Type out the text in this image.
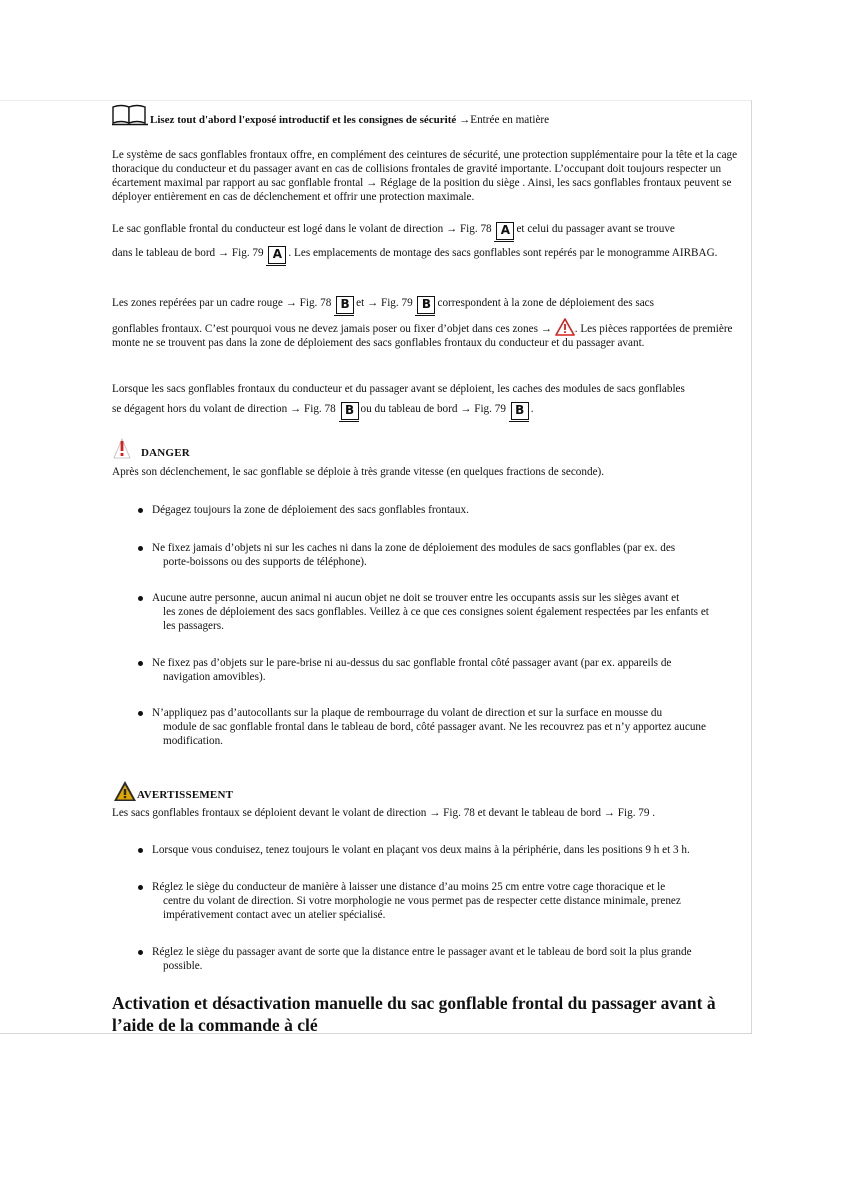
Lisez tout d'abord l'exposé introductif et les consignes de sécurité →Entrée en matière
Le système de sacs gonflables frontaux offre, en complément des ceintures de sécurité, une protection supplémentaire pour la tête et la cage thoracique du conducteur et du passager avant en cas de collisions frontales de gravité importante. L’occupant doit toujours respecter un écartement maximal par rapport au sac gonflable frontal → Réglage de la position du siège . Ainsi, les sacs gonflables frontaux peuvent se déployer entièrement en cas de déclenchement et offrir une protection maximale.
Le sac gonflable frontal du conducteur est logé dans le volant de direction → Fig. 78 A et celui du passager avant se trouve
dans le tableau de bord → Fig. 79 A . Les emplacements de montage des sacs gonflables sont repérés par le monogramme AIRBAG.
Les zones repérées par un cadre rouge → Fig. 78 B et → Fig. 79 B correspondent à la zone de déploiement des sacs
gonflables frontaux. C’est pourquoi vous ne devez jamais poser ou fixer d’objet dans ces zones → . Les pièces rapportées de première monte ne se trouvent pas dans la zone de déploiement des sacs gonflables frontaux du conducteur et du passager avant.
Lorsque les sacs gonflables frontaux du conducteur et du passager avant se déploient, les caches des modules de sacs gonflables
se dégagent hors du volant de direction → Fig. 78 B ou du tableau de bord → Fig. 79 B .
DANGER
Après son déclenchement, le sac gonflable se déploie à très grande vitesse (en quelques fractions de seconde).
Dégagez toujours la zone de déploiement des sacs gonflables frontaux.
Ne fixez jamais d’objets ni sur les caches ni dans la zone de déploiement des modules de sacs gonflables (par ex. des
porte-boissons ou des supports de téléphone).
Aucune autre personne, aucun animal ni aucun objet ne doit se trouver entre les occupants assis sur les sièges avant et
les zones de déploiement des sacs gonflables. Veillez à ce que ces consignes soient également respectées par les enfants et les passagers.
Ne fixez pas d’objets sur le pare-brise ni au-dessus du sac gonflable frontal côté passager avant (par ex. appareils de
navigation amovibles).
N’appliquez pas d’autocollants sur la plaque de rembourrage du volant de direction et sur la surface en mousse du
module de sac gonflable frontal dans le tableau de bord, côté passager avant. Ne les recouvrez pas et n’y apportez aucune modification.
AVERTISSEMENT
Les sacs gonflables frontaux se déploient devant le volant de direction → Fig. 78 et devant le tableau de bord → Fig. 79 .
Lorsque vous conduisez, tenez toujours le volant en plaçant vos deux mains à la périphérie, dans les positions 9 h et 3 h.
Réglez le siège du conducteur de manière à laisser une distance d’au moins 25 cm entre votre cage thoracique et le
centre du volant de direction. Si votre morphologie ne vous permet pas de respecter cette distance minimale, prenez impérativement contact avec un atelier spécialisé.
Réglez le siège du passager avant de sorte que la distance entre le passager avant et le tableau de bord soit la plus grande
possible.
Activation et désactivation manuelle du sac gonflable frontal du passager avant à l’aide de la commande à clé
